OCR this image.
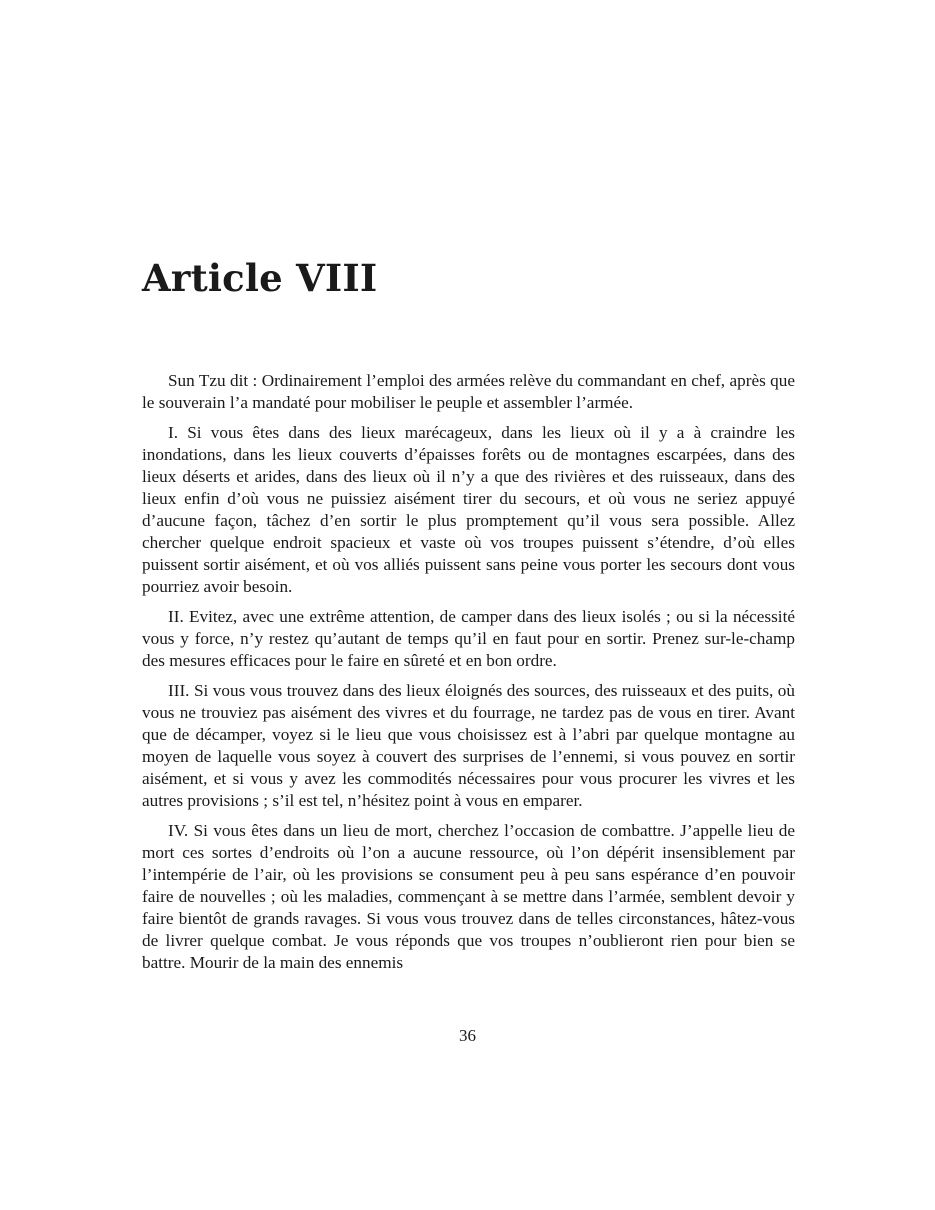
Article VIII

Sun Tzu dit : Ordinairement l’emploi des armées relève du commandant en chef, après que le souverain l’a mandaté pour mobiliser le peuple et assembler l’armée.

I. Si vous êtes dans des lieux marécageux, dans les lieux où il y a à craindre les inondations, dans les lieux couverts d’épaisses forêts ou de montagnes escarpées, dans des lieux déserts et arides, dans des lieux où il n’y a que des rivières et des ruisseaux, dans des lieux enfin d’où vous ne puissiez aisément tirer du secours, et où vous ne seriez appuyé d’aucune façon, tâchez d’en sortir le plus promptement qu’il vous sera possible. Allez chercher quelque endroit spacieux et vaste où vos troupes puissent s’étendre, d’où elles puissent sortir aisément, et où vos alliés puissent sans peine vous porter les secours dont vous pourriez avoir besoin.

II. Evitez, avec une extrême attention, de camper dans des lieux isolés ; ou si la nécessité vous y force, n’y restez qu’autant de temps qu’il en faut pour en sortir. Prenez sur-le-champ des mesures efficaces pour le faire en sûreté et en bon ordre.

III. Si vous vous trouvez dans des lieux éloignés des sources, des ruisseaux et des puits, où vous ne trouviez pas aisément des vivres et du fourrage, ne tardez pas de vous en tirer. Avant que de décamper, voyez si le lieu que vous choisissez est à l’abri par quelque montagne au moyen de laquelle vous soyez à couvert des surprises de l’ennemi, si vous pouvez en sortir aisément, et si vous y avez les commodités nécessaires pour vous procurer les vivres et les autres provisions ; s’il est tel, n’hésitez point à vous en emparer.

IV. Si vous êtes dans un lieu de mort, cherchez l’occasion de combattre. J’appelle lieu de mort ces sortes d’endroits où l’on a aucune ressource, où l’on dépérit insensiblement par l’intempérie de l’air, où les provisions se consument peu à peu sans espérance d’en pouvoir faire de nouvelles ; où les maladies, commençant à se mettre dans l’armée, semblent devoir y faire bientôt de grands ravages. Si vous vous trouvez dans de telles circonstances, hâtez-vous de livrer quelque combat. Je vous réponds que vos troupes n’oublieront rien pour bien se battre. Mourir de la main des ennemis

36
